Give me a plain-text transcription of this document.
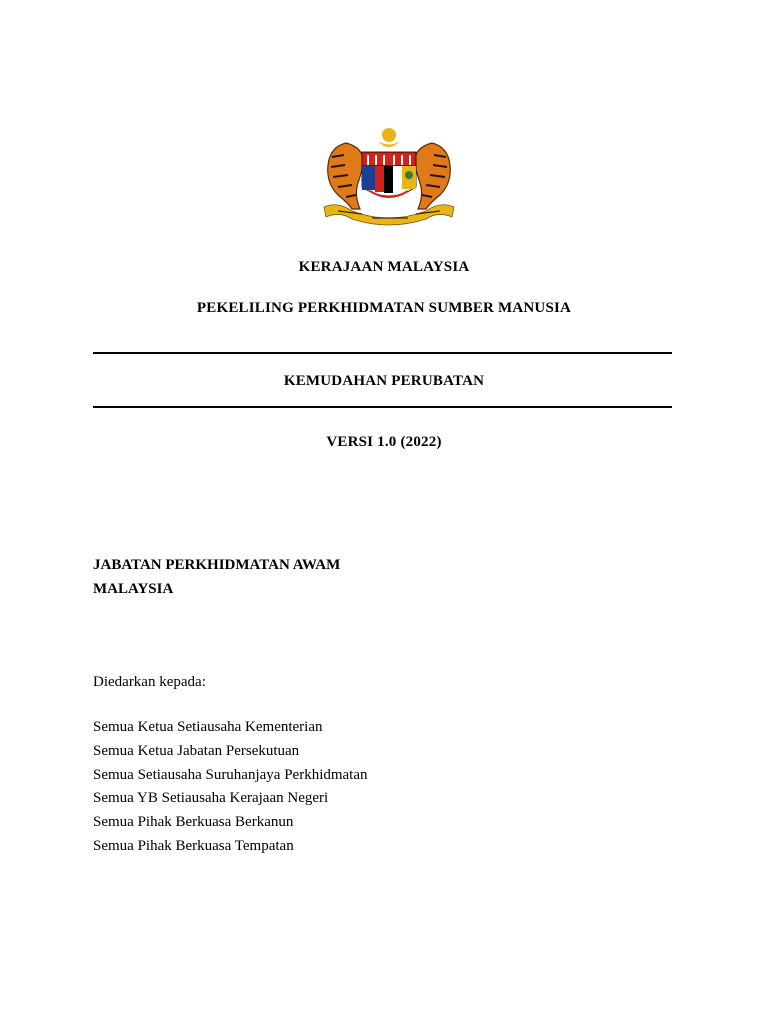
KERAJAAN MALAYSIA
PEKELILING PERKHIDMATAN SUMBER MANUSIA
KEMUDAHAN PERUBATAN
VERSI 1.0 (2022)
JABATAN PERKHIDMATAN AWAM
MALAYSIA
Diedarkan kepada:
Semua Ketua Setiausaha Kementerian
Semua Ketua Jabatan Persekutuan
Semua Setiausaha Suruhanjaya Perkhidmatan
Semua YB Setiausaha Kerajaan Negeri
Semua Pihak Berkuasa Berkanun
Semua Pihak Berkuasa Tempatan
